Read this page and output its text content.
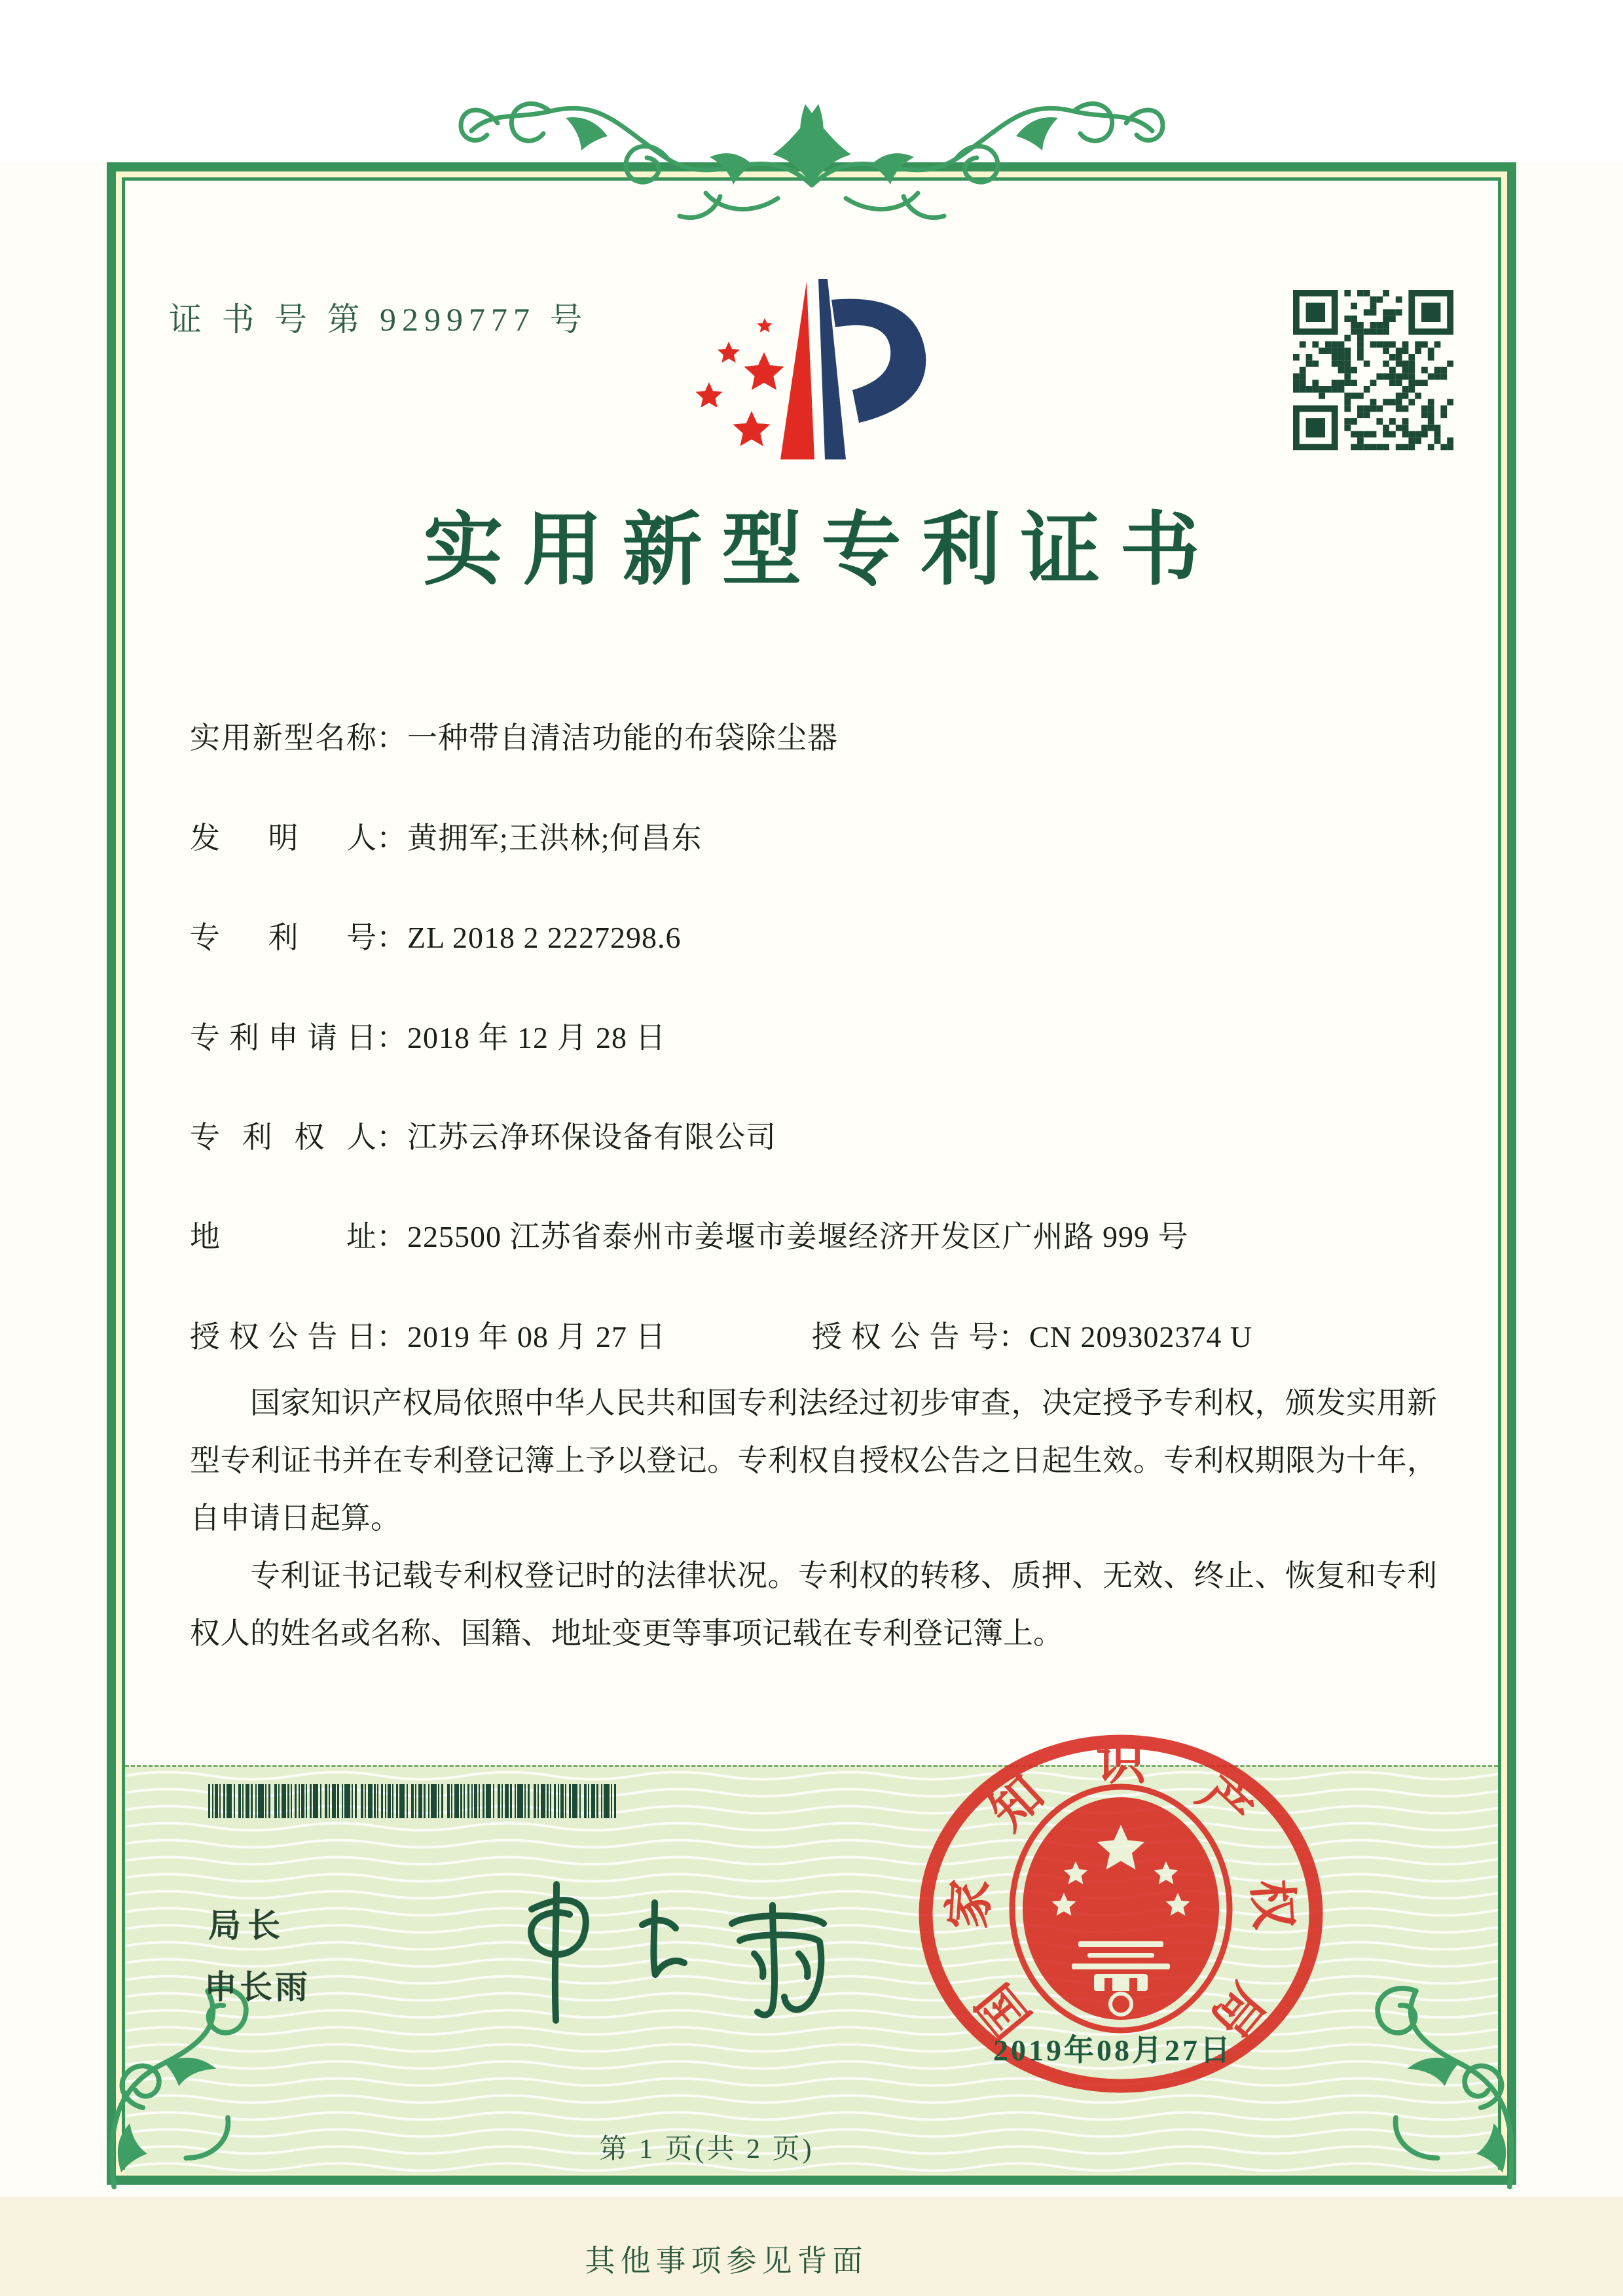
证 书 号 第 9299777 号
实用新型专利证书
实用新型名称：一种带自清洁功能的布袋除尘器
发明人：黄拥军;王洪林;何昌东
专利号：ZL 2018 2 2227298.6
专利申请日：2018 年 12 月 28 日
专利权人：江苏云净环保设备有限公司
地址：225500 江苏省泰州市姜堰市姜堰经济开发区广州路 999 号
授权公告日：2019 年 08 月 27 日	授权公告号：CN 209302374 U

国家知识产权局依照中华人民共和国专利法经过初步审查，决定授予专利权，颁发实用新型专利证书并在专利登记簿上予以登记。专利权自授权公告之日起生效。专利权期限为十年，自申请日起算。

专利证书记载专利权登记时的法律状况。专利权的转移、质押、无效、终止、恢复和专利权人的姓名或名称、国籍、地址变更等事项记载在专利登记簿上。

局长
申长雨	国
家
知
识
产
权
局
2019年08月27日
第 1 页(共 2 页)
其他事项参见背面
